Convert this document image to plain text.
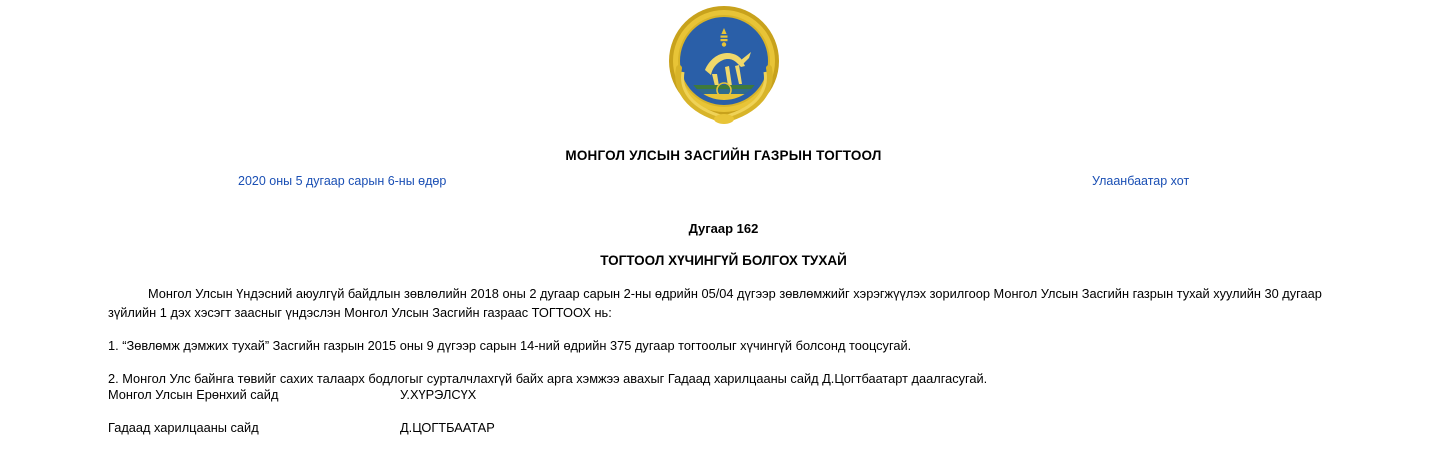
МОНГОЛ УЛСЫН ЗАСГИЙН ГАЗРЫН ТОГТООЛ
2020 оны 5 дугаар сарын 6-ны өдөр	Улаанбаатар хот
Дугаар 162
ТОГТООЛ ХҮЧИНГҮЙ БОЛГОХ ТУХАЙ

Монгол Улсын Үндэсний аюулгүй байдлын зөвлөлийн 2018 оны 2 дугаар сарын 2-ны өдрийн 05/04 дүгээр зөвлөмжийг хэрэгжүүлэх зорилгоор Монгол Улсын Засгийн газрын тухай хуулийн 30 дугаар зүйлийн 1 дэх хэсэгт заасныг үндэслэн Монгол Улсын Засгийн газраас ТОГТООХ нь:

1. “Зөвлөмж дэмжих тухай” Засгийн газрын 2015 оны 9 дүгээр сарын 14-ний өдрийн 375 дугаар тогтоолыг хүчингүй болсонд тооцсугай.

2. Монгол Улс байнга төвийг сахих талаарх бодлогыг сурталчлахгүй байх арга хэмжээ авахыг Гадаад харилцааны сайд Д.Цогтбаатарт даалгасугай.

Монгол Улсын Ерөнхий сайд	У.ХҮРЭЛСҮХ
Гадаад харилцааны сайд	Д.ЦОГТБААТАР
